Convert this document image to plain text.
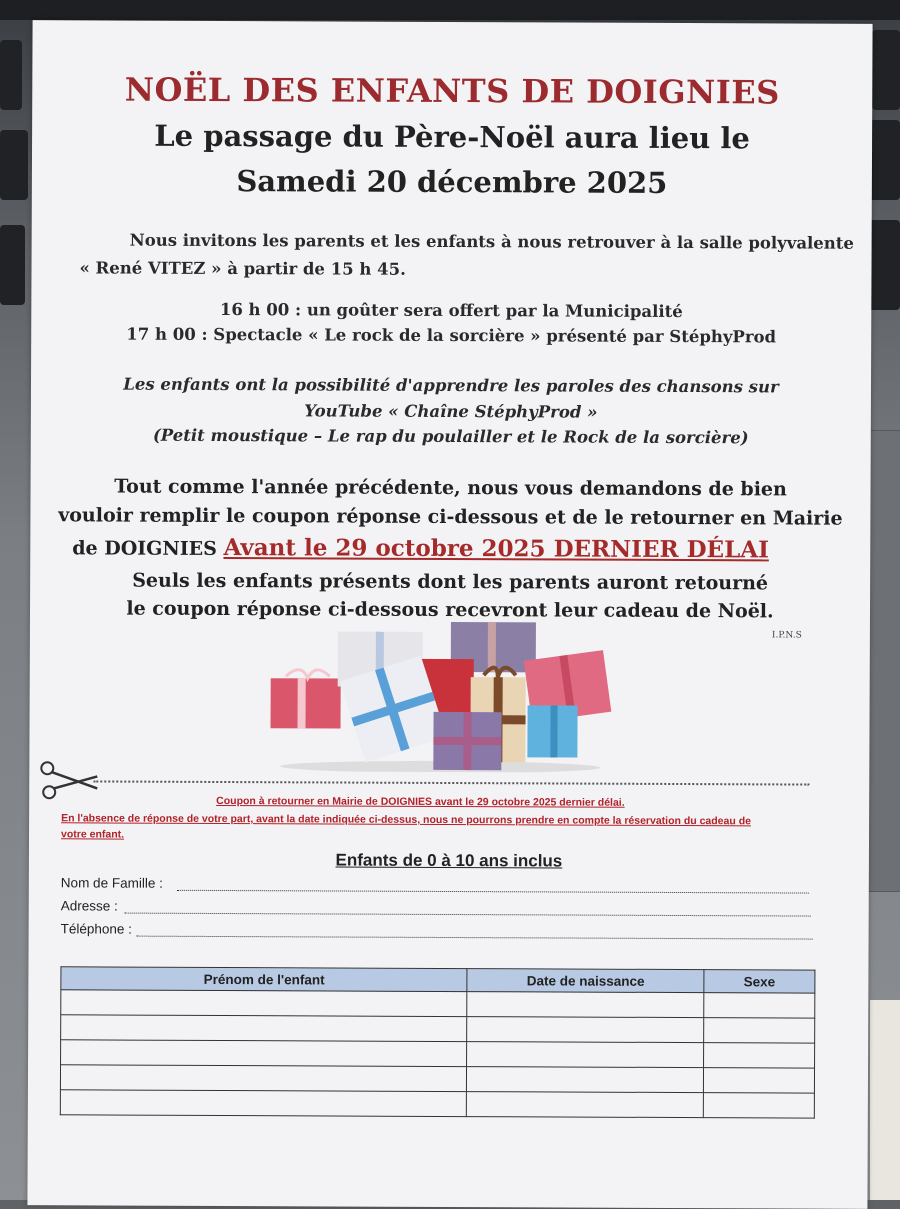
NOËL DES ENFANTS DE DOIGNIES
Le passage du Père-Noël aura lieu le
Samedi 20 décembre 2025
Nous invitons les parents et les enfants à nous retrouver à la salle polyvalente
« René VITEZ » à partir de 15 h 45.
16 h 00 : un goûter sera offert par la Municipalité
17 h 00 : Spectacle « Le rock de la sorcière » présenté par StéphyProd
Les enfants ont la possibilité d'apprendre les paroles des chansons sur
YouTube « Chaîne StéphyProd »
(Petit moustique – Le rap du poulailler et le Rock de la sorcière)
Tout comme l'année précédente, nous vous demandons de bien
vouloir remplir le coupon réponse ci-dessous et de le retourner en Mairie
de DOIGNIES Avant le 29 octobre 2025 DERNIER DÉLAI
Seuls les enfants présents dont les parents auront retourné
le coupon réponse ci-dessous recevront leur cadeau de Noël.
I.P.N.S
Coupon à retourner en Mairie de DOIGNIES avant le 29 octobre 2025 dernier délai.
En l'absence de réponse de votre part, avant la date indiquée ci-dessus, nous ne pourrons prendre en compte la réservation du cadeau de
votre enfant.
Enfants de 0 à 10 ans inclus
Nom de Famille :
Adresse :
Téléphone :
Prénom de l'enfant	Date de naissance	Sexe
